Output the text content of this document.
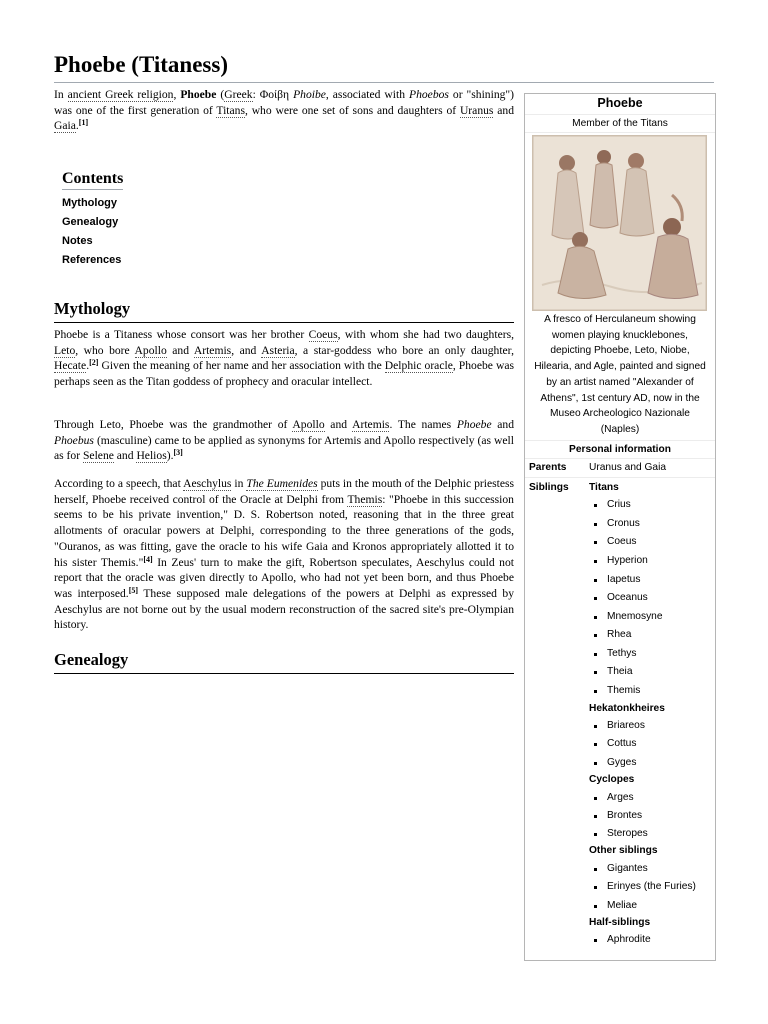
Phoebe (Titaness)

In ancient Greek religion, Phoebe (Greek: Φοίβη Phoibe, associated with Phoebos or "shining") was one of the first generation of Titans, who were one set of sons and daughters of Uranus and Gaia.[1]

Contents
Mythology
Genealogy
Notes
References
Mythology

Phoebe is a Titaness whose consort was her brother Coeus, with whom she had two daughters, Leto, who bore Apollo and Artemis, and Asteria, a star-goddess who bore an only daughter, Hecate.[2] Given the meaning of her name and her association with the Delphic oracle, Phoebe was perhaps seen as the Titan goddess of prophecy and oracular intellect.

Through Leto, Phoebe was the grandmother of Apollo and Artemis. The names Phoebe and Phoebus (masculine) came to be applied as synonyms for Artemis and Apollo respectively (as well as for Selene and Helios).[3]

According to a speech, that Aeschylus in The Eumenides puts in the mouth of the Delphic priestess herself, Phoebe received control of the Oracle at Delphi from Themis: "Phoebe in this succession seems to be his private invention," D. S. Robertson noted, reasoning that in the three great allotments of oracular powers at Delphi, corresponding to the three generations of the gods, "Ouranos, as was fitting, gave the oracle to his wife Gaia and Kronos appropriately allotted it to his sister Themis."[4] In Zeus' turn to make the gift, Robertson speculates, Aeschylus could not report that the oracle was given directly to Apollo, who had not yet been born, and thus Phoebe was interposed.[5] These supposed male delegations of the powers at Delphi as expressed by Aeschylus are not borne out by the usual modern reconstruction of the sacred site's pre-Olympian history.

Genealogy
Phoebe
Member of the Titans
A fresco of Herculaneum showing women playing knucklebones, depicting Phoebe, Leto, Niobe, Hilearia, and Agle, painted and signed by an artist named "Alexander of Athens", 1st century AD, now in the Museo Archeologico Nazionale (Naples)
Personal information
Parents Uranus and Gaia
Siblings Titans
Crius
Cronus
Coeus
Hyperion
Iapetus
Oceanus
Mnemosyne
Rhea
Tethys
Theia
Themis
Hekatonkheires
Briareos
Cottus
Gyges
Cyclopes
Arges
Brontes
Steropes
Other siblings
Gigantes
Erinyes (the Furies)
Meliae
Half-siblings
Aphrodite
